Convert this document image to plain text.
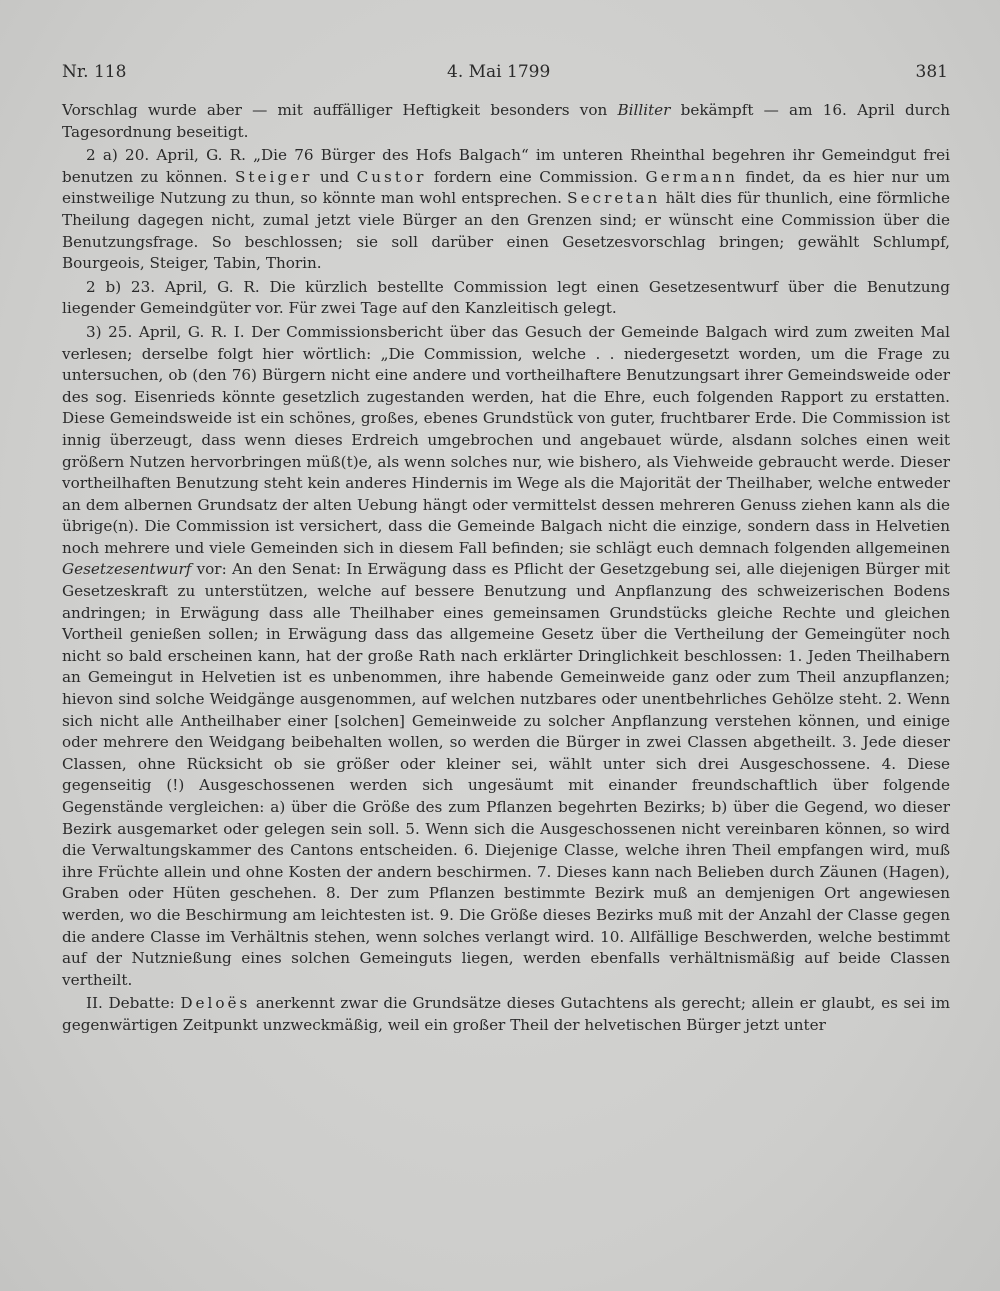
Nr. 118	4. Mai 1799	381

Vorschlag wurde aber — mit auffälliger Heftigkeit besonders von Billiter bekämpft — am 16. April durch Tagesordnung beseitigt.

2 a) 20. April, G. R. „Die 76 Bürger des Hofs Balgach“ im unteren Rheinthal begehren ihr Gemeindgut frei benutzen zu können. Steiger und Custor fordern eine Commission. Germann findet, da es hier nur um einstweilige Nutzung zu thun, so könnte man wohl entsprechen. Secretan hält dies für thunlich, eine förmliche Theilung dagegen nicht, zumal jetzt viele Bürger an den Grenzen sind; er wünscht eine Commission über die Benutzungsfrage. So beschlossen; sie soll darüber einen Gesetzesvorschlag bringen; gewählt Schlumpf, Bourgeois, Steiger, Tabin, Thorin.

2 b) 23. April, G. R. Die kürzlich bestellte Commission legt einen Gesetzesentwurf über die Benutzung liegender Gemeindgüter vor. Für zwei Tage auf den Kanzleitisch gelegt.

3) 25. April, G. R. I. Der Commissionsbericht über das Gesuch der Gemeinde Balgach wird zum zweiten Mal verlesen; derselbe folgt hier wörtlich: „Die Commission, welche . . niedergesetzt worden, um die Frage zu untersuchen, ob (den 76) Bürgern nicht eine andere und vortheilhaftere Benutzungsart ihrer Gemeindsweide oder des sog. Eisenrieds könnte gesetzlich zugestanden werden, hat die Ehre, euch folgenden Rapport zu erstatten. Diese Gemeindsweide ist ein schönes, großes, ebenes Grundstück von guter, fruchtbarer Erde. Die Commission ist innig überzeugt, dass wenn dieses Erdreich umgebrochen und angebauet würde, alsdann solches einen weit größern Nutzen hervorbringen müß(t)e, als wenn solches nur, wie bishero, als Viehweide gebraucht werde. Dieser vortheilhaften Benutzung steht kein anderes Hindernis im Wege als die Majorität der Theilhaber, welche entweder an dem albernen Grundsatz der alten Uebung hängt oder vermittelst dessen mehreren Genuss ziehen kann als die übrige(n). Die Commission ist versichert, dass die Gemeinde Balgach nicht die einzige, sondern dass in Helvetien noch mehrere und viele Gemeinden sich in diesem Fall befinden; sie schlägt euch demnach folgenden allgemeinen Gesetzesentwurf vor: An den Senat: In Erwägung dass es Pflicht der Gesetzgebung sei, alle diejenigen Bürger mit Gesetzeskraft zu unterstützen, welche auf bessere Benutzung und Anpflanzung des schweizerischen Bodens andringen; in Erwägung dass alle Theilhaber eines gemeinsamen Grundstücks gleiche Rechte und gleichen Vortheil genießen sollen; in Erwägung dass das allgemeine Gesetz über die Vertheilung der Gemeingüter noch nicht so bald erscheinen kann, hat der große Rath nach erklärter Dringlichkeit beschlossen: 1. Jeden Theilhabern an Gemeingut in Helvetien ist es unbenommen, ihre habende Gemeinweide ganz oder zum Theil anzupflanzen; hievon sind solche Weidgänge ausgenommen, auf welchen nutzbares oder unentbehrliches Gehölze steht. 2. Wenn sich nicht alle Antheilhaber einer [solchen] Gemeinweide zu solcher Anpflanzung verstehen können, und einige oder mehrere den Weidgang beibehalten wollen, so werden die Bürger in zwei Classen abgetheilt. 3. Jede dieser Classen, ohne Rücksicht ob sie größer oder kleiner sei, wählt unter sich drei Ausgeschossene. 4. Diese gegenseitig (!) Ausgeschossenen werden sich ungesäumt mit einander freundschaftlich über folgende Gegenstände vergleichen: a) über die Größe des zum Pflanzen begehrten Bezirks; b) über die Gegend, wo dieser Bezirk ausgemarket oder gelegen sein soll. 5. Wenn sich die Ausgeschossenen nicht vereinbaren können, so wird die Verwaltungskammer des Cantons entscheiden. 6. Diejenige Classe, welche ihren Theil empfangen wird, muß ihre Früchte allein und ohne Kosten der andern beschirmen. 7. Dieses kann nach Belieben durch Zäunen (Hagen), Graben oder Hüten geschehen. 8. Der zum Pflanzen bestimmte Bezirk muß an demjenigen Ort angewiesen werden, wo die Beschirmung am leichtesten ist. 9. Die Größe dieses Bezirks muß mit der Anzahl der Classe gegen die andere Classe im Verhältnis stehen, wenn solches verlangt wird. 10. Allfällige Beschwerden, welche bestimmt auf der Nutznießung eines solchen Gemeinguts liegen, werden ebenfalls verhältnismäßig auf beide Classen vertheilt.

II. Debatte: Deloës anerkennt zwar die Grundsätze dieses Gutachtens als gerecht; allein er glaubt, es sei im gegenwärtigen Zeitpunkt unzweckmäßig, weil ein großer Theil der helvetischen Bürger jetzt unter
